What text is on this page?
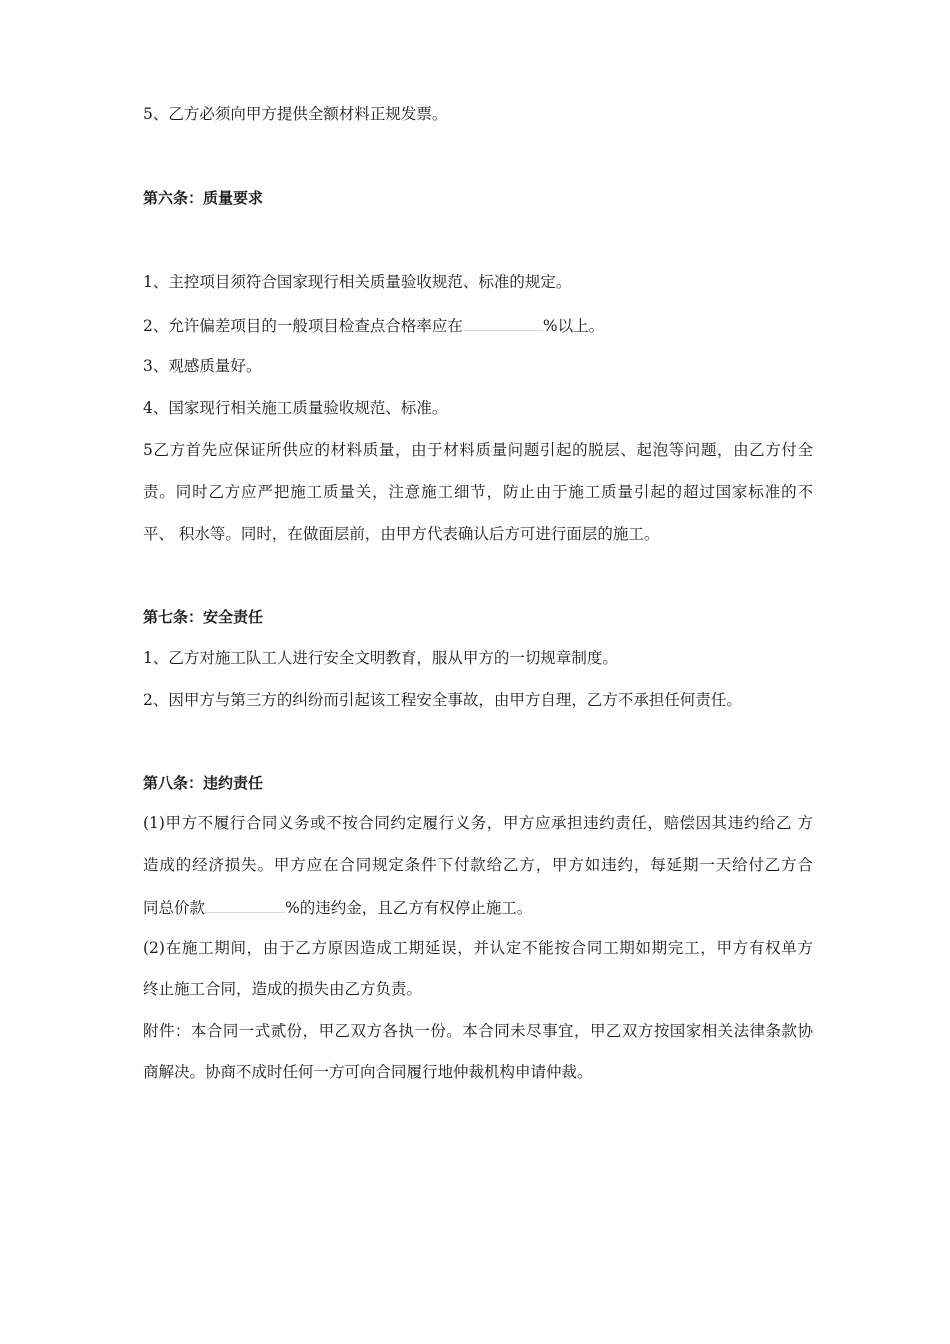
5、乙方必须向甲方提供全额材料正规发票。
第六条：质量要求
1、主控项目须符合国家现行相关质量验收规范、标准的规定。
2、允许偏差项目的一般项目检查点合格率应在	%以上。
3、观感质量好。
4、国家现行相关施工质量验收规范、标准。
5乙方首先应保证所供应的材料质量，由于材料质量问题引起的脱层、起泡等问题，由乙方付全
责。同时乙方应严把施工质量关，注意施工细节，防止由于施工质量引起的超过国家标准的不
平、 积水等。同时，在做面层前，由甲方代表确认后方可进行面层的施工。
第七条：安全责任
1、乙方对施工队工人进行安全文明教育，服从甲方的一切规章制度。
2、因甲方与第三方的纠纷而引起该工程安全事故，由甲方自理，乙方不承担任何责任。
第八条：违约责任
(1)甲方不履行合同义务或不按合同约定履行义务，甲方应承担违约责任，赔偿因其违约给乙 方
造成的经济损失。甲方应在合同规定条件下付款给乙方，甲方如违约，每延期一天给付乙方合
同总价款	%的违约金，且乙方有权停止施工。
(2)在施工期间，由于乙方原因造成工期延误，并认定不能按合同工期如期完工，甲方有权单方
终止施工合同，造成的损失由乙方负责。
附件：本合同一式贰份，甲乙双方各执一份。本合同未尽事宜，甲乙双方按国家相关法律条款协
商解决。协商不成时任何一方可向合同履行地仲裁机构申请仲裁。
